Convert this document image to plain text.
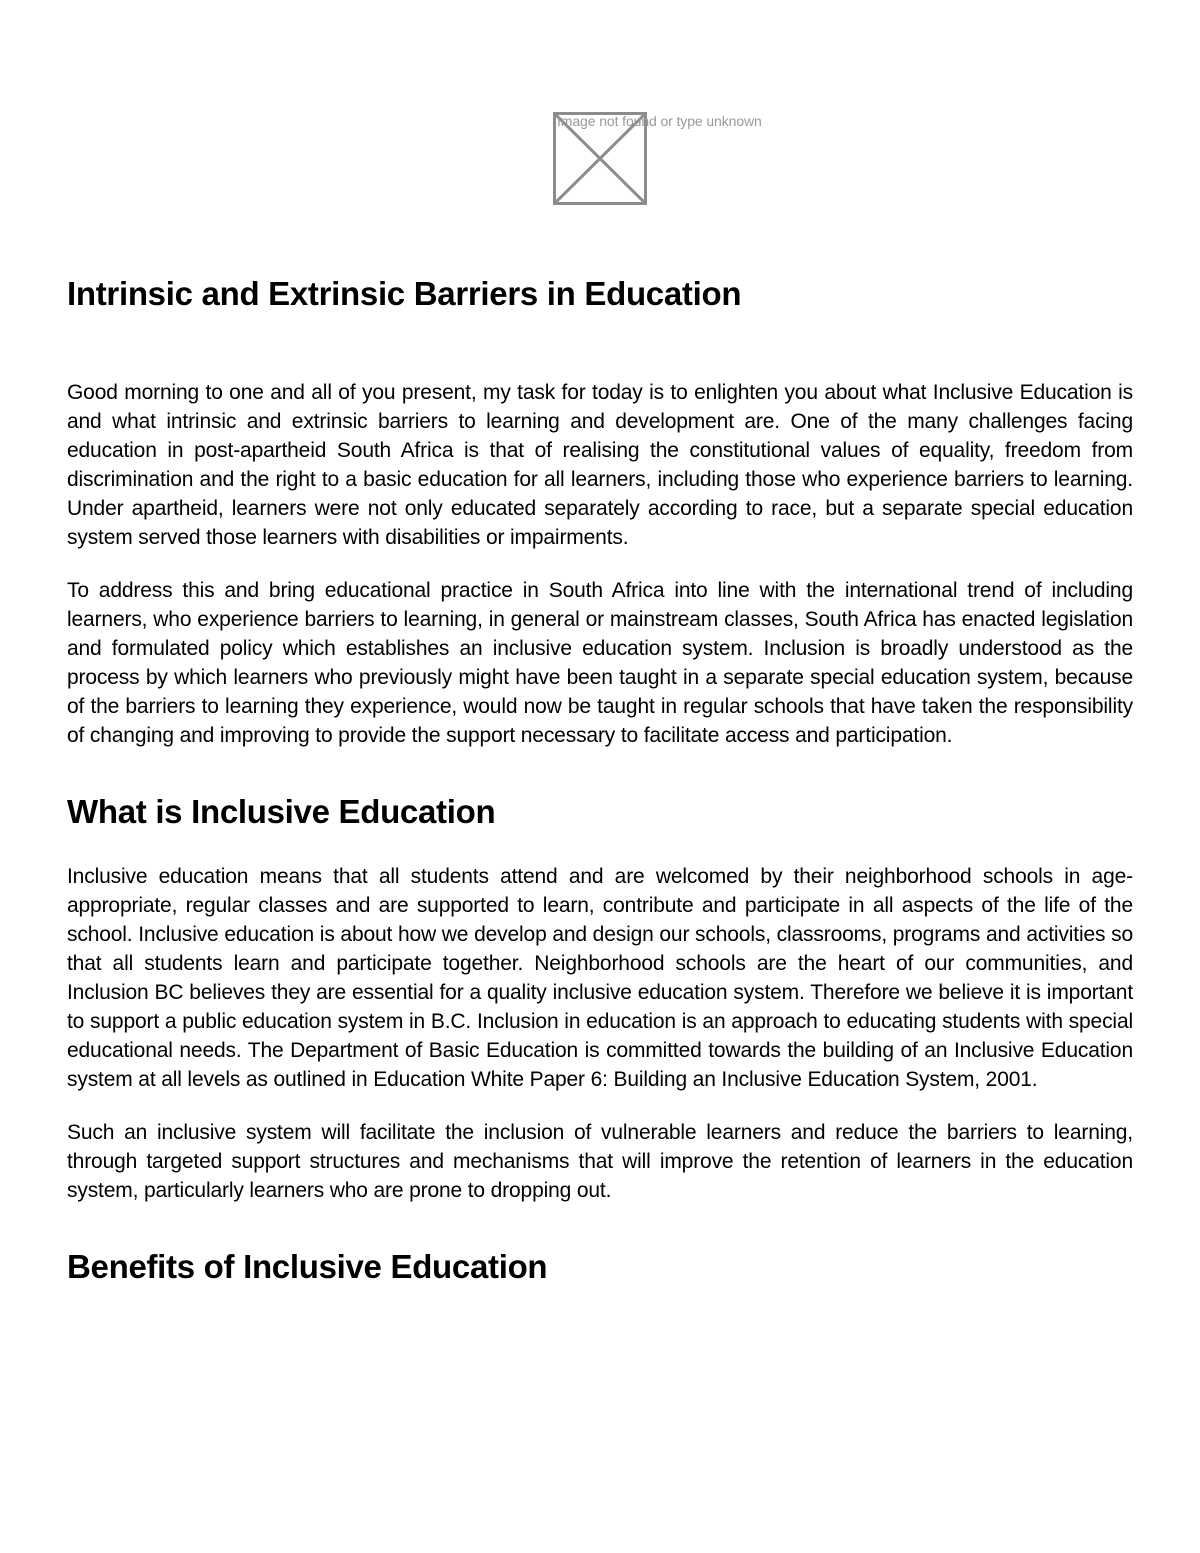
Image not found or type unknown
Intrinsic and Extrinsic Barriers in Education

Good morning to one and all of you present, my task for today is to enlighten you about what Inclusive Education is and what intrinsic and extrinsic barriers to learning and development are. One of the many challenges facing education in post-apartheid South Africa is that of realising the constitutional values of equality, freedom from discrimination and the right to a basic education for all learners, including those who experience barriers to learning. Under apartheid, learners were not only educated separately according to race, but a separate special education system served those learners with disabilities or impairments.

To address this and bring educational practice in South Africa into line with the international trend of including learners, who experience barriers to learning, in general or mainstream classes, South Africa has enacted legislation and formulated policy which establishes an inclusive education system. Inclusion is broadly understood as the process by which learners who previously might have been taught in a separate special education system, because of the barriers to learning they experience, would now be taught in regular schools that have taken the responsibility of changing and improving to provide the support necessary to facilitate access and participation.

What is Inclusive Education

Inclusive education means that all students attend and are welcomed by their neighborhood schools in age-appropriate, regular classes and are supported to learn, contribute and participate in all aspects of the life of the school. Inclusive education is about how we develop and design our schools, classrooms, programs and activities so that all students learn and participate together. Neighborhood schools are the heart of our communities, and Inclusion BC believes they are essential for a quality inclusive education system. Therefore we believe it is important to support a public education system in B.C. Inclusion in education is an approach to educating students with special educational needs. The Department of Basic Education is committed towards the building of an Inclusive Education system at all levels as outlined in Education White Paper 6: Building an Inclusive Education System, 2001.

Such an inclusive system will facilitate the inclusion of vulnerable learners and reduce the barriers to learning, through targeted support structures and mechanisms that will improve the retention of learners in the education system, particularly learners who are prone to dropping out.

Benefits of Inclusive Education
